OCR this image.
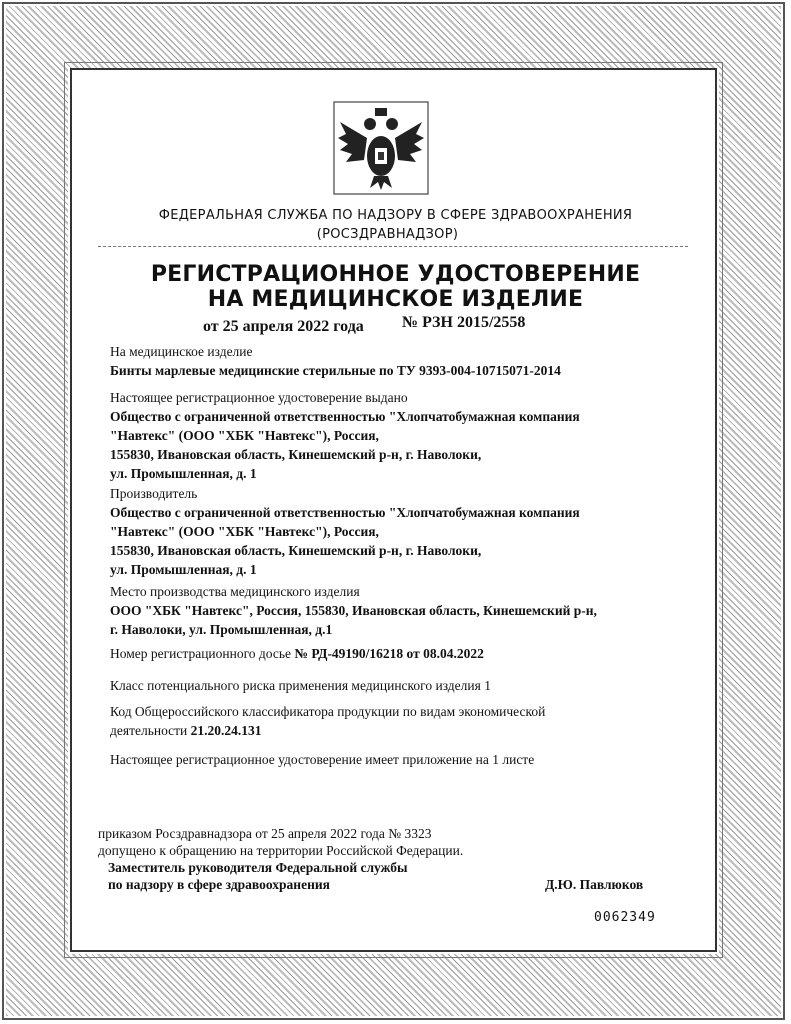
ФЕДЕРАЛЬНАЯ СЛУЖБА ПО НАДЗОРУ В СФЕРЕ ЗДРАВООХРАНЕНИЯ
(РОСЗДРАВНАДЗОР)
РЕГИСТРАЦИОННОЕ УДОСТОВЕРЕНИЕ
НА МЕДИЦИНСКОЕ ИЗДЕЛИЕ
от 25 апреля 2022 года № РЗН 2015/2558
На медицинское изделие
Бинты марлевые медицинские стерильные по ТУ 9393-004-10715071-2014
Настоящее регистрационное удостоверение выдано
Общество с ограниченной ответственностью "Хлопчатобумажная компания
"Навтекс" (ООО "ХБК "Навтекс"), Россия,
155830, Ивановская область, Кинешемский р-н, г. Наволоки,
ул. Промышленная, д. 1
Производитель
Общество с ограниченной ответственностью "Хлопчатобумажная компания
"Навтекс" (ООО "ХБК "Навтекс"), Россия,
155830, Ивановская область, Кинешемский р-н, г. Наволоки,
ул. Промышленная, д. 1
Место производства медицинского изделия
ООО "ХБК "Навтекс", Россия, 155830, Ивановская область, Кинешемский р-н,
г. Наволоки, ул. Промышленная, д.1
Номер регистрационного досье № РД-49190/16218 от 08.04.2022
Класс потенциального риска применения медицинского изделия 1
Код Общероссийского классификатора продукции по видам экономической
деятельности 21.20.24.131
Настоящее регистрационное удостоверение имеет приложение на 1 листе
приказом Росздравнадзора от 25 апреля 2022 года № 3323
допущено к обращению на территории Российской Федерации.
Заместитель руководителя Федеральной службы
по надзору в сфере здравоохранения	Д.Ю. Павлюков
0062349
